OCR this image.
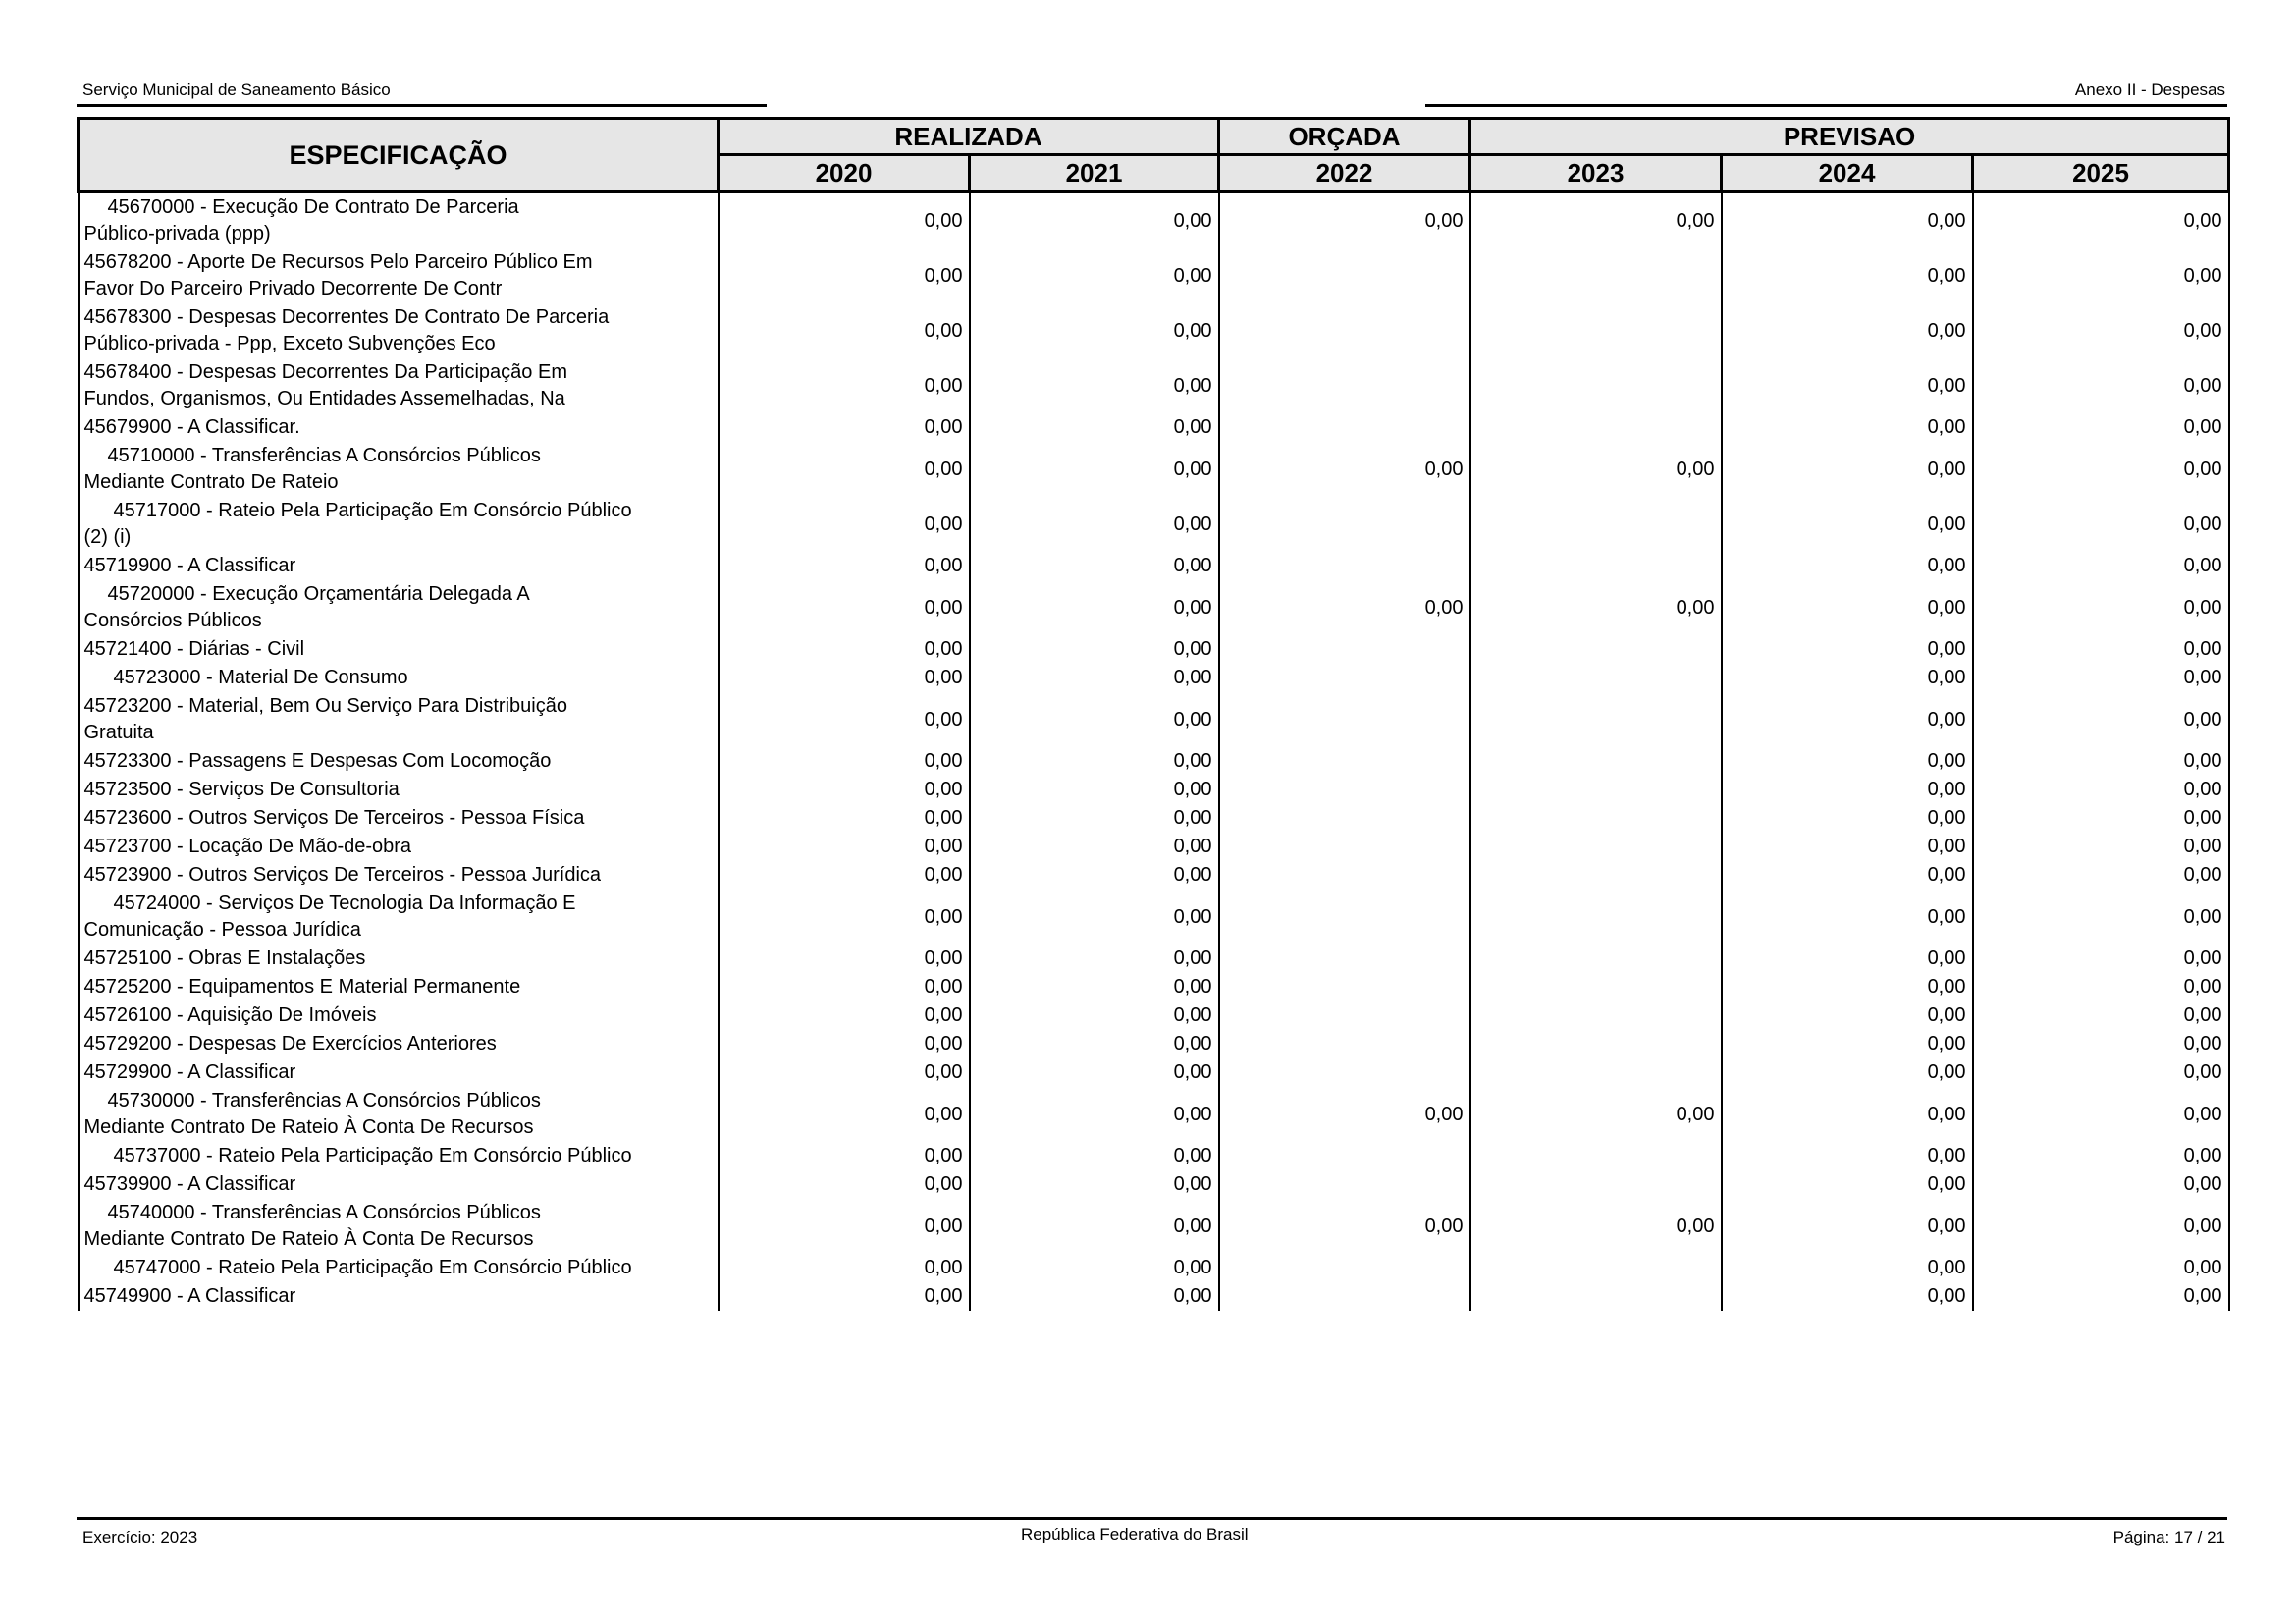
Serviço Municipal de Saneamento Básico	Anexo II - Despesas
ESPECIFICAÇÃO	REALIZADA		ORÇADA	PREVISAO		
	2020	2021	2022	2023	2024	2025
45670000 - Execução De Contrato De Parceria
Público-privada (ppp)	0,00	0,00	0,00	0,00	0,00	0,00
45678200 - Aporte De Recursos Pelo Parceiro Público Em
Favor Do Parceiro Privado Decorrente De Contr	0,00	0,00			0,00	0,00
45678300 - Despesas Decorrentes De Contrato De Parceria
Público-privada - Ppp, Exceto Subvenções Eco	0,00	0,00			0,00	0,00
45678400 - Despesas Decorrentes Da Participação Em
Fundos, Organismos, Ou Entidades Assemelhadas, Na	0,00	0,00			0,00	0,00
45679900 - A Classificar.	0,00	0,00			0,00	0,00
45710000 - Transferências A Consórcios Públicos
Mediante Contrato De Rateio	0,00	0,00	0,00	0,00	0,00	0,00
45717000 - Rateio Pela Participação Em Consórcio Público
(2) (i)	0,00	0,00			0,00	0,00
45719900 - A Classificar	0,00	0,00			0,00	0,00
45720000 - Execução Orçamentária Delegada A
Consórcios Públicos	0,00	0,00	0,00	0,00	0,00	0,00
45721400 - Diárias - Civil	0,00	0,00			0,00	0,00
45723000 - Material De Consumo	0,00	0,00			0,00	0,00
45723200 - Material, Bem Ou Serviço Para Distribuição
Gratuita	0,00	0,00			0,00	0,00
45723300 - Passagens E Despesas Com Locomoção	0,00	0,00			0,00	0,00
45723500 - Serviços De Consultoria	0,00	0,00			0,00	0,00
45723600 - Outros Serviços De Terceiros - Pessoa Física	0,00	0,00			0,00	0,00
45723700 - Locação De Mão-de-obra	0,00	0,00			0,00	0,00
45723900 - Outros Serviços De Terceiros - Pessoa Jurídica	0,00	0,00			0,00	0,00
45724000 - Serviços De Tecnologia Da Informação E
Comunicação - Pessoa Jurídica	0,00	0,00			0,00	0,00
45725100 - Obras E Instalações	0,00	0,00			0,00	0,00
45725200 - Equipamentos E Material Permanente	0,00	0,00			0,00	0,00
45726100 - Aquisição De Imóveis	0,00	0,00			0,00	0,00
45729200 - Despesas De Exercícios Anteriores	0,00	0,00			0,00	0,00
45729900 - A Classificar	0,00	0,00			0,00	0,00
45730000 - Transferências A Consórcios Públicos
Mediante Contrato De Rateio À Conta De Recursos	0,00	0,00	0,00	0,00	0,00	0,00
45737000 - Rateio Pela Participação Em Consórcio Público	0,00	0,00			0,00	0,00
45739900 - A Classificar	0,00	0,00			0,00	0,00
45740000 - Transferências A Consórcios Públicos
Mediante Contrato De Rateio À Conta De Recursos	0,00	0,00	0,00	0,00	0,00	0,00
45747000 - Rateio Pela Participação Em Consórcio Público	0,00	0,00			0,00	0,00
45749900 - A Classificar	0,00	0,00			0,00	0,00
Exercício: 2023	República Federativa do Brasil	Página: 17 / 21
